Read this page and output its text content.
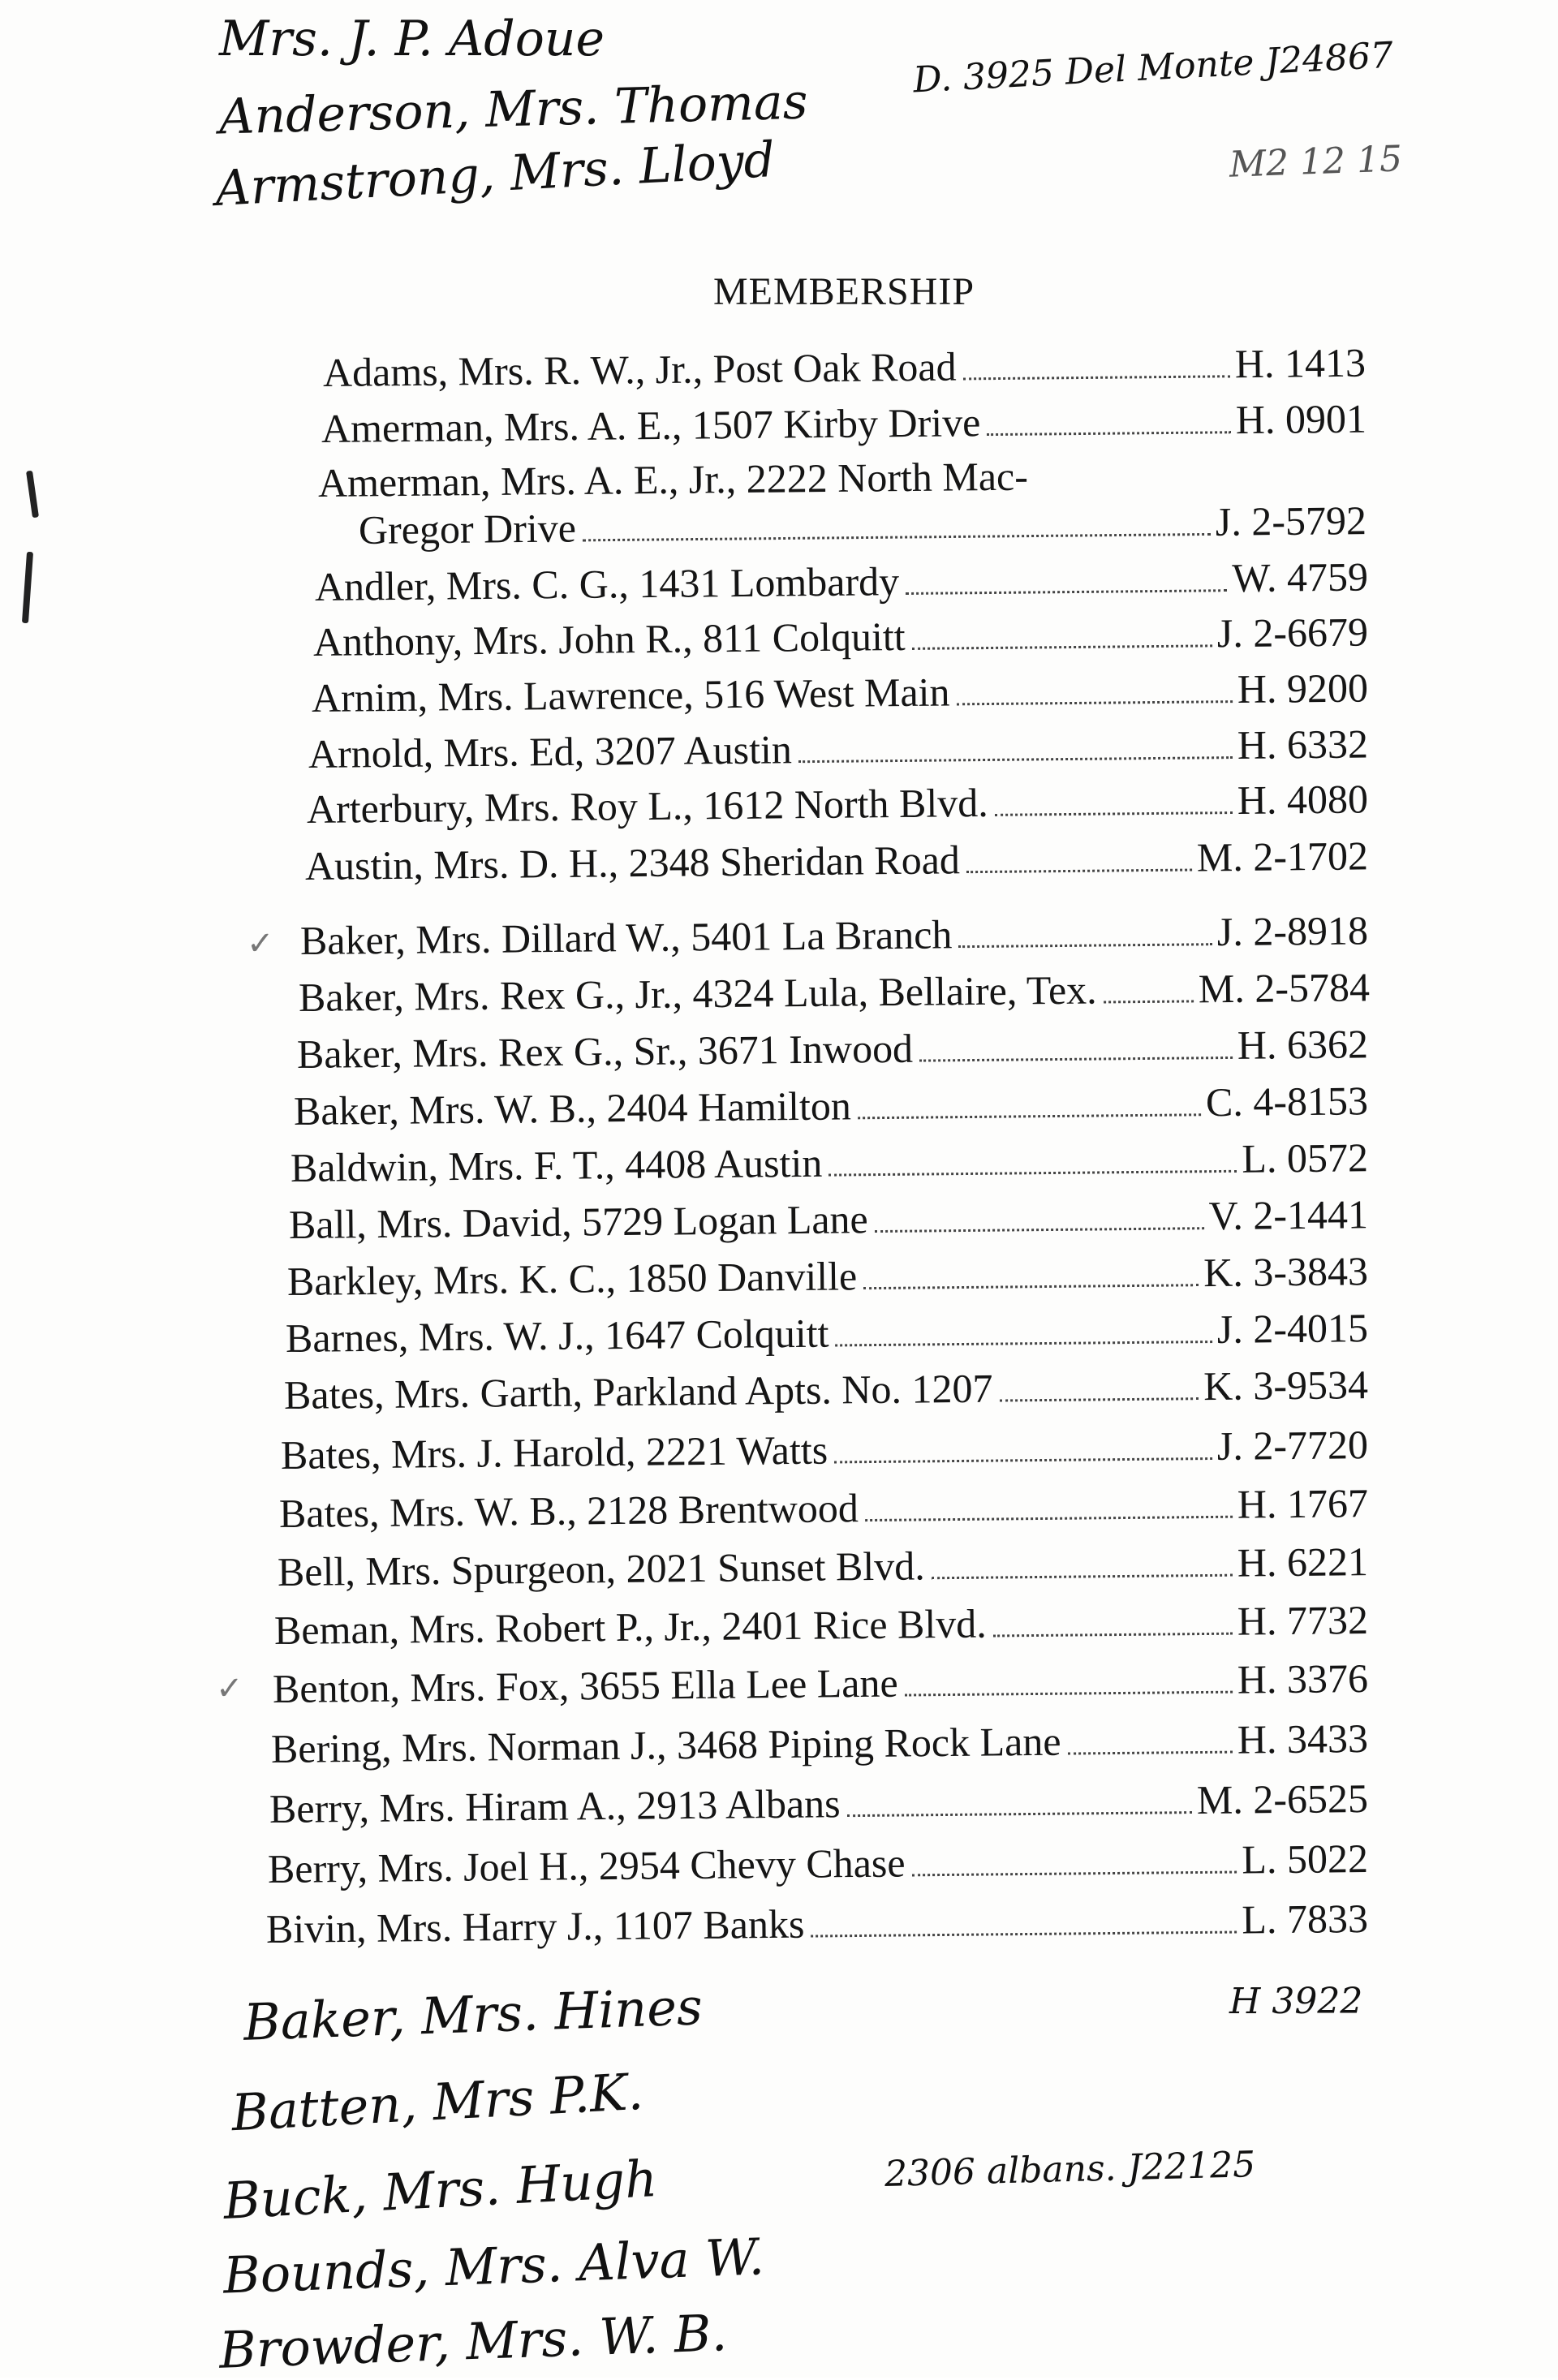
Mrs. J. P. Adoue
Anderson, Mrs. Thomas
D. 3925 Del Monte J24867
Armstrong, Mrs. Lloyd	M2 12 15
MEMBERSHIP
Adams, Mrs. R. W., Jr., Post Oak Road	H. 1413
Amerman, Mrs. A. E., 1507 Kirby Drive	H. 0901
Amerman, Mrs. A. E., Jr., 2222 North Mac-
Gregor Drive	J. 2-5792
Andler, Mrs. C. G., 1431 Lombardy	W. 4759
Anthony, Mrs. John R., 811 Colquitt	J. 2-6679
Arnim, Mrs. Lawrence, 516 West Main	H. 9200
Arnold, Mrs. Ed, 3207 Austin	H. 6332
Arterbury, Mrs. Roy L., 1612 North Blvd.	H. 4080
Austin, Mrs. D. H., 2348 Sheridan Road	M. 2-1702
Baker, Mrs. Dillard W., 5401 La Branch	J. 2-8918
Baker, Mrs. Rex G., Jr., 4324 Lula, Bellaire, Tex. M. 2-5784
Baker, Mrs. Rex G., Sr., 3671 Inwood	H. 6362
Baker, Mrs. W. B., 2404 Hamilton	C. 4-8153
Baldwin, Mrs. F. T., 4408 Austin	L. 0572
Ball, Mrs. David, 5729 Logan Lane	V. 2-1441
Barkley, Mrs. K. C., 1850 Danville	K. 3-3843
Barnes, Mrs. W. J., 1647 Colquitt	J. 2-4015
Bates, Mrs. Garth, Parkland Apts. No. 1207	K. 3-9534
Bates, Mrs. J. Harold, 2221 Watts	J. 2-7720
Bates, Mrs. W. B., 2128 Brentwood	H. 1767
Bell, Mrs. Spurgeon, 2021 Sunset Blvd.	H. 6221
Beman, Mrs. Robert P., Jr., 2401 Rice Blvd.	H. 7732
Benton, Mrs. Fox, 3655 Ella Lee Lane	H. 3376
Bering, Mrs. Norman J., 3468 Piping Rock Lane	H. 3433
Berry, Mrs. Hiram A., 2913 Albans	M. 2-6525
Berry, Mrs. Joel H., 2954 Chevy Chase	L. 5022
Bivin, Mrs. Harry J., 1107 Banks	L. 7833
✓
✓
Baker, Mrs. Hines	H 3922
Batten, Mrs P.K.
Buck, Mrs. Hugh	2306 albans. J22125
Bounds, Mrs. Alva W.
Browder, Mrs. W. B.
